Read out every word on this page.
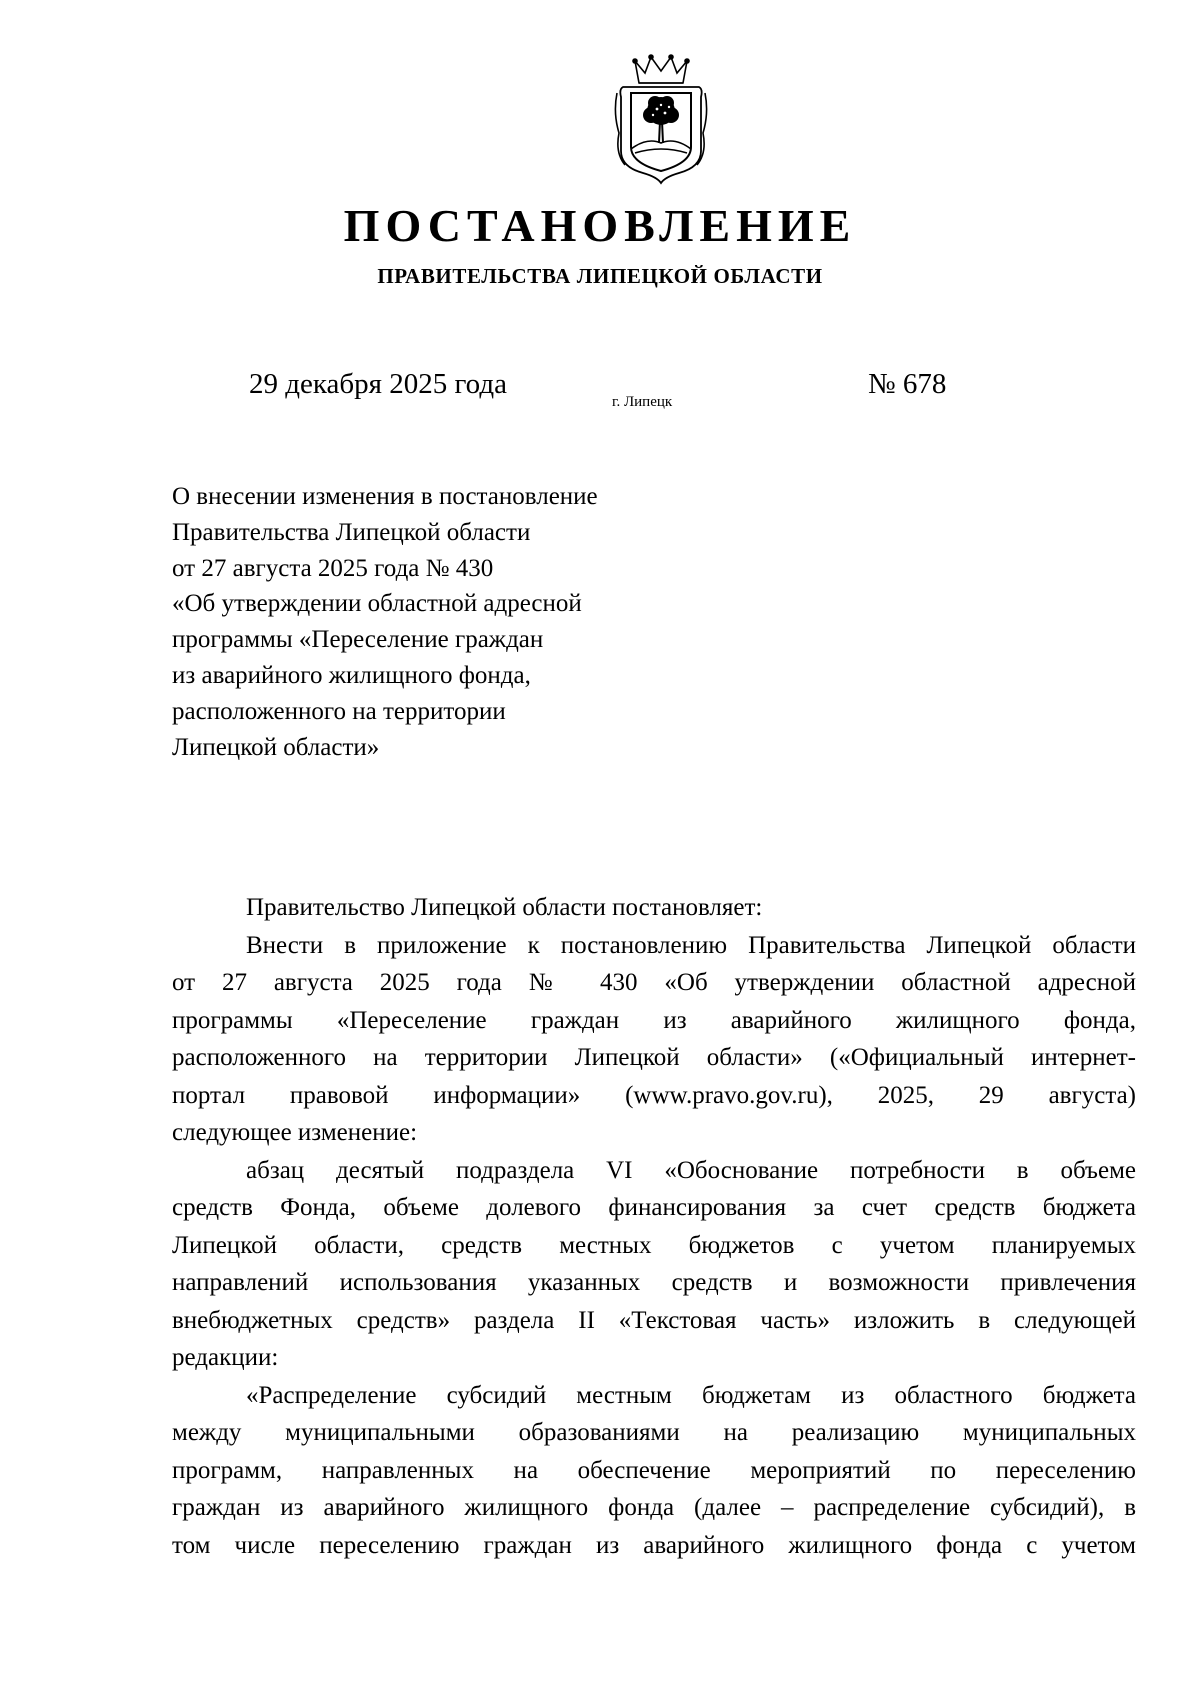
ПОСТАНОВЛЕНИЕ
ПРАВИТЕЛЬСТВА ЛИПЕЦКОЙ ОБЛАСТИ
29 декабря 2025 года
г. Липецк
№ 678
О внесении изменения в постановление
Правительства Липецкой области
от 27 августа 2025 года № 430
«Об утверждении областной адресной
программы «Переселение граждан
из аварийного жилищного фонда,
расположенного на территории
Липецкой области»
Правительство Липецкой области постановляет:
Внести в приложение к постановлению Правительства Липецкой области
от 27 августа 2025 года № 430 «Об утверждении областной адресной
программы «Переселение граждан из аварийного жилищного фонда,
расположенного на территории Липецкой области» («Официальный интернет-
портал правовой информации» (www.pravo.gov.ru), 2025, 29 августа)
следующее изменение:
абзац десятый подраздела VI «Обоснование потребности в объеме
средств Фонда, объеме долевого финансирования за счет средств бюджета
Липецкой области, средств местных бюджетов с учетом планируемых
направлений использования указанных средств и возможности привлечения
внебюджетных средств» раздела II «Текстовая часть» изложить в следующей
редакции:
«Распределение субсидий местным бюджетам из областного бюджета
между муниципальными образованиями на реализацию муниципальных
программ, направленных на обеспечение мероприятий по переселению
граждан из аварийного жилищного фонда (далее – распределение субсидий), в
том числе переселению граждан из аварийного жилищного фонда с учетом
